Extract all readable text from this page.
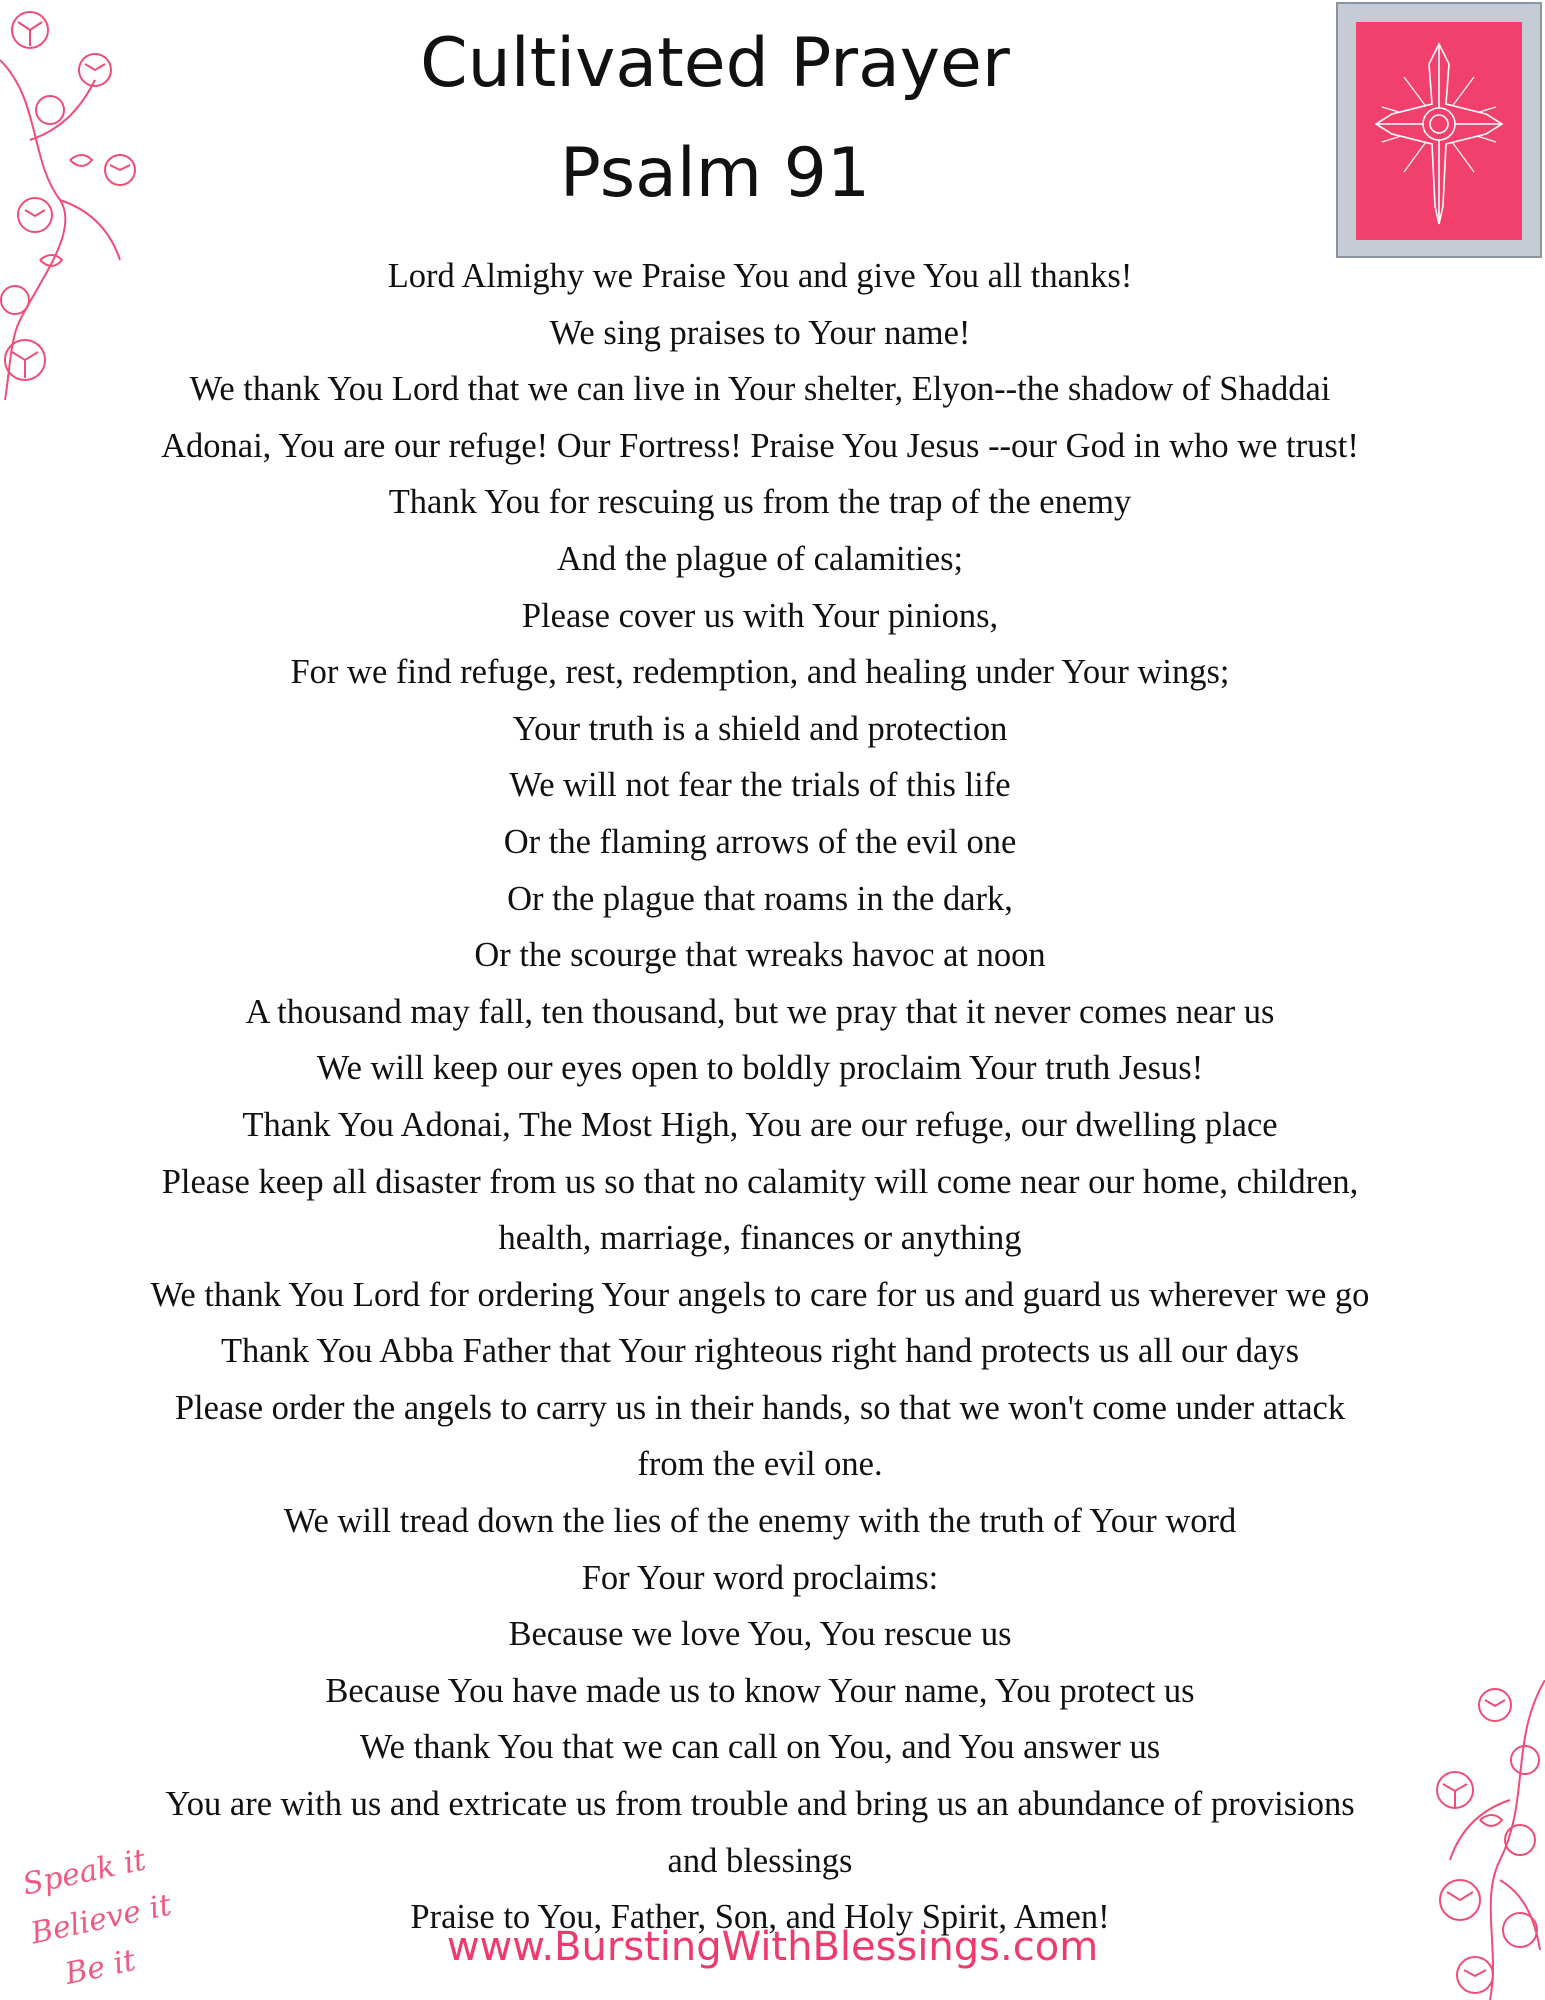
Cultivated Prayer
Psalm 91
Lord Almighy we Praise You and give You all thanks!
We sing praises to Your name!
We thank You Lord that we can live in Your shelter, Elyon--the shadow of Shaddai
Adonai, You are our refuge! Our Fortress! Praise You Jesus --our God in who we trust!
Thank You for rescuing us from the trap of the enemy
And the plague of calamities;
Please cover us with Your pinions,
For we find refuge, rest, redemption, and healing under Your wings;
Your truth is a shield and protection
We will not fear the trials of this life
Or the flaming arrows of the evil one
Or the plague that roams in the dark,
Or the scourge that wreaks havoc at noon
A thousand may fall, ten thousand, but we pray that it never comes near us
We will keep our eyes open to boldly proclaim Your truth Jesus!
Thank You Adonai, The Most High, You are our refuge, our dwelling place
Please keep all disaster from us so that no calamity will come near our home, children,
health, marriage, finances or anything
We thank You Lord for ordering Your angels to care for us and guard us wherever we go
Thank You Abba Father that Your righteous right hand protects us all our days
Please order the angels to carry us in their hands, so that we won't come under attack
from the evil one.
We will tread down the lies of the enemy with the truth of Your word
For Your word proclaims:
Because we love You, You rescue us
Because You have made us to know Your name, You protect us
We thank You that we can call on You, and You answer us
You are with us and extricate us from trouble and bring us an abundance of provisions
and blessings
Praise to You, Father, Son, and Holy Spirit, Amen!
Speak it
Believe it
Be it	www.BurstingWithBlessings.com
